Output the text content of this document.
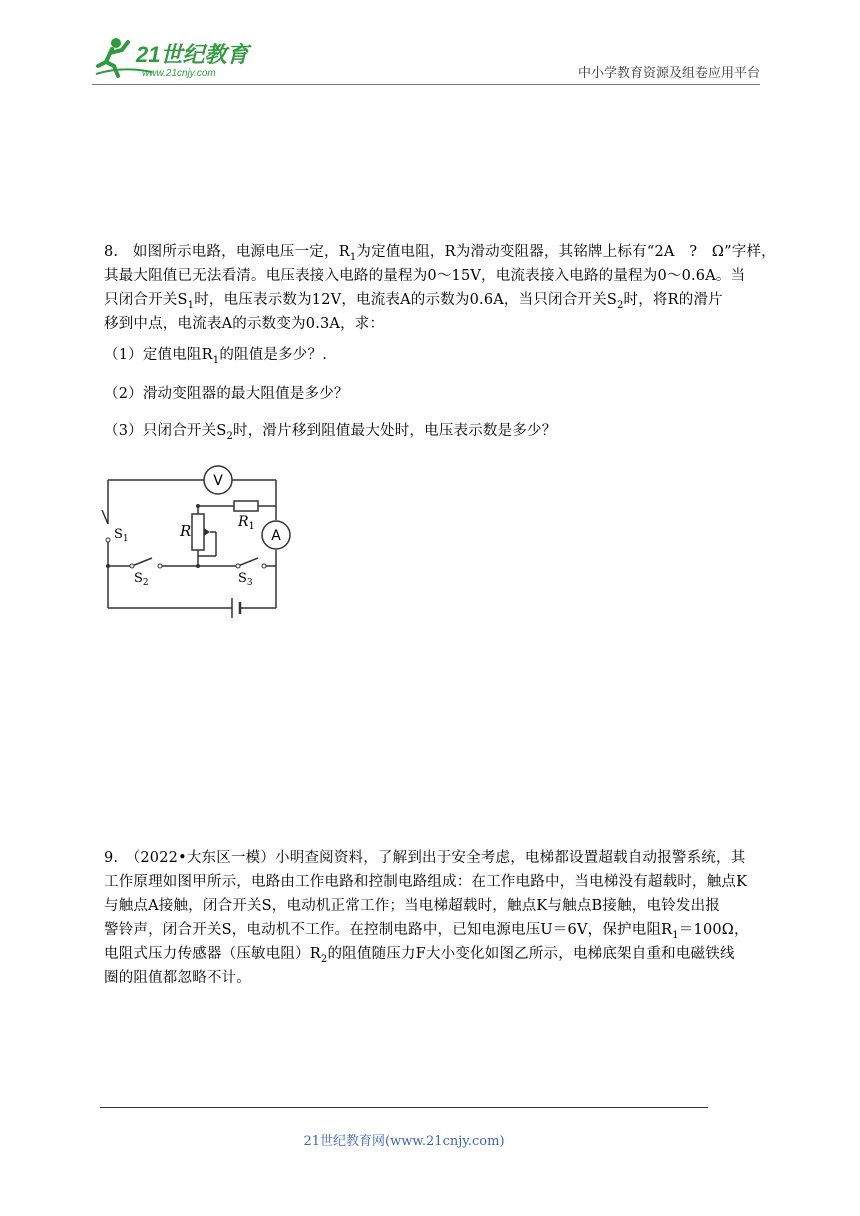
21世纪教育
www.21cnjy.com	中小学教育资源及组卷应用平台
8.　如图所示电路，电源电压一定，$R_1$为定值电阻，R为滑动变阻器，其铭牌上标有“2A　?　Ω”字样，
其最大阻值已无法看清。电压表接入电路的量程为0～15V，电流表接入电路的量程为0～0.6A。当
只闭合开关$S_1$时，电压表示数为12V，电流表A的示数为0.6A，当只闭合开关$S_2$时，将R的滑片
移到中点，电流表A的示数变为0.3A，求：
（1）定值电阻$R_1$的阻值是多少？.
（2）滑动变阻器的最大阻值是多少？
（3）只闭合开关$S_2$时，滑片移到阻值最大处时，电压表示数是多少？
V
A
$R_1$
R
$S_1$
$S_2$	$S_3$
9.　（2022•大东区一模）小明查阅资料，了解到出于安全考虑，电梯都设置超载自动报警系统，其
工作原理如图甲所示，电路由工作电路和控制电路组成：在工作电路中，当电梯没有超载时，触点K
与触点A接触，闭合开关S，电动机正常工作；当电梯超载时，触点K与触点B接触，电铃发出报
警铃声，闭合开关S，电动机不工作。在控制电路中，已知电源电压U＝6V，保护电阻$R_1=100\Omega$，
电阻式压力传感器（压敏电阻）$R_2$的阻值随压力F大小变化如图乙所示，电梯底架自重和电磁铁线
圈的阻值都忽略不计。
21世纪教育网(www.21cnjy.com)
